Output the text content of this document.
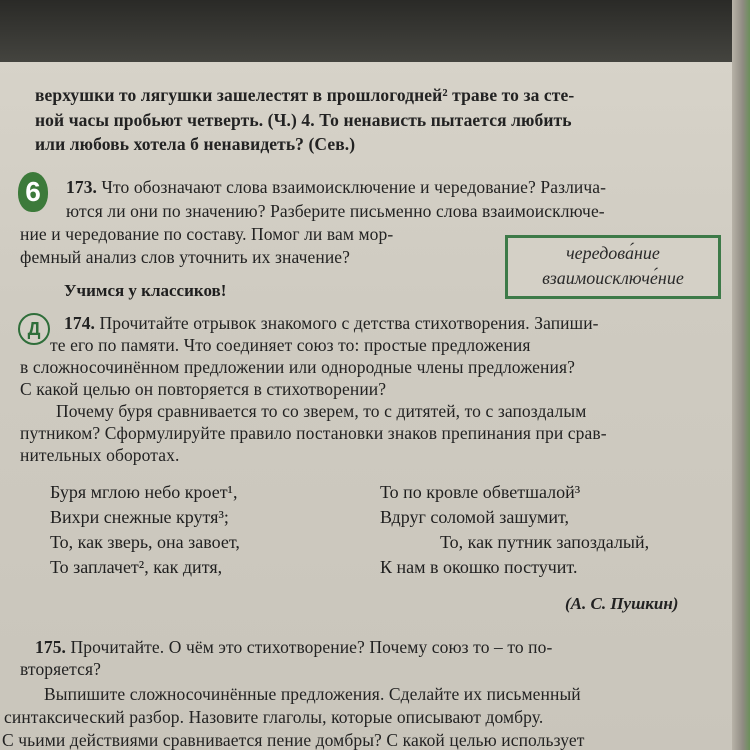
верхушки то лягушки зашелестят в прошлогодней² траве то за сте-
ной часы пробьют четверть. (Ч.) 4. То ненависть пытается любить
или любовь хотела б ненавидеть? (Сев.)
6	173. Что обозначают слова взаимоисключение и чередование? Различа-
ются ли они по значению? Разберите письменно слова взаимоисключе-
ние и чередование по составу. Помог ли вам мор-
фемный анализ слов уточнить их значение?	чередова́ние
взаимоисключе́ние
Учимся у классиков!
Д	174. Прочитайте отрывок знакомого с детства стихотворения. Запиши-
те его по памяти. Что соединяет союз то: простые предложения
в сложносочинённом предложении или однородные члены предложения?
С какой целью он повторяется в стихотворении?
Почему буря сравнивается то со зверем, то с дитятей, то с запоздалым
путником? Сформулируйте правило постановки знаков препинания при срав-
нительных оборотах.
Буря мглою небо кроет¹,
Вихри снежные крутя³;
То, как зверь, она завоет,
То заплачет², как дитя,
То по кровле обветшалой³
Вдруг соломой зашумит,
То, как путник запоздалый,
К нам в окошко постучит.
(А. С. Пушкин)
175. Прочитайте. О чём это стихотворение? Почему союз то – то по-
вторяется?
Выпишите сложносочинённые предложения. Сделайте их письменный
синтаксический разбор. Назовите глаголы, которые описывают домбру.
С чьими действиями сравнивается пение домбры? С какой целью использует
